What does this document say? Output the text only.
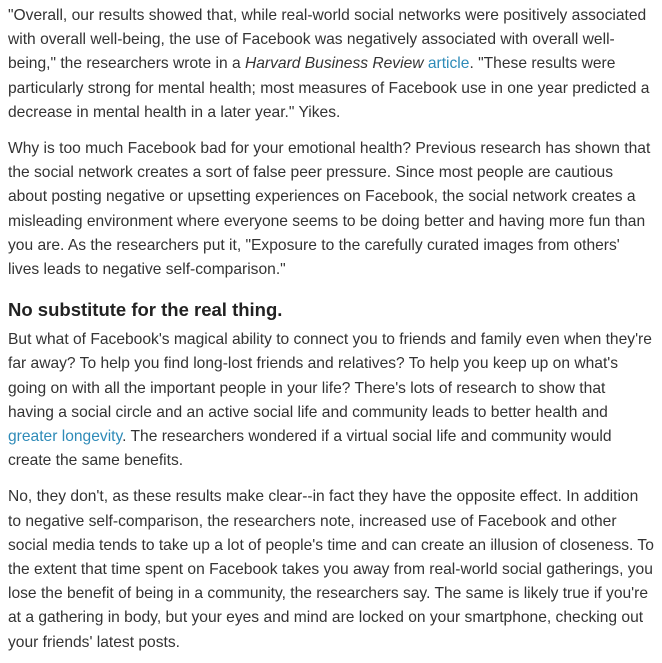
"Overall, our results showed that, while real-world social networks were positively associated with overall well-being, the use of Facebook was negatively associated with overall well-being," the researchers wrote in a Harvard Business Review article. "These results were particularly strong for mental health; most measures of Facebook use in one year predicted a decrease in mental health in a later year." Yikes.

Why is too much Facebook bad for your emotional health? Previous research has shown that the social network creates a sort of false peer pressure. Since most people are cautious about posting negative or upsetting experiences on Facebook, the social network creates a misleading environment where everyone seems to be doing better and having more fun than you are. As the researchers put it, "Exposure to the carefully curated images from others' lives leads to negative self-comparison."

No substitute for the real thing.

But what of Facebook's magical ability to connect you to friends and family even when they're far away? To help you find long-lost friends and relatives? To help you keep up on what's going on with all the important people in your life? There's lots of research to show that having a social circle and an active social life and community leads to better health and greater longevity. The researchers wondered if a virtual social life and community would create the same benefits.

No, they don't, as these results make clear--in fact they have the opposite effect. In addition to negative self-comparison, the researchers note, increased use of Facebook and other social media tends to take up a lot of people's time and can create an illusion of closeness. To the extent that time spent on Facebook takes you away from real-world social gatherings, you lose the benefit of being in a community, the researchers say. The same is likely true if you're at a gathering in body, but your eyes and mind are locked on your smartphone, checking out your friends' latest posts.
